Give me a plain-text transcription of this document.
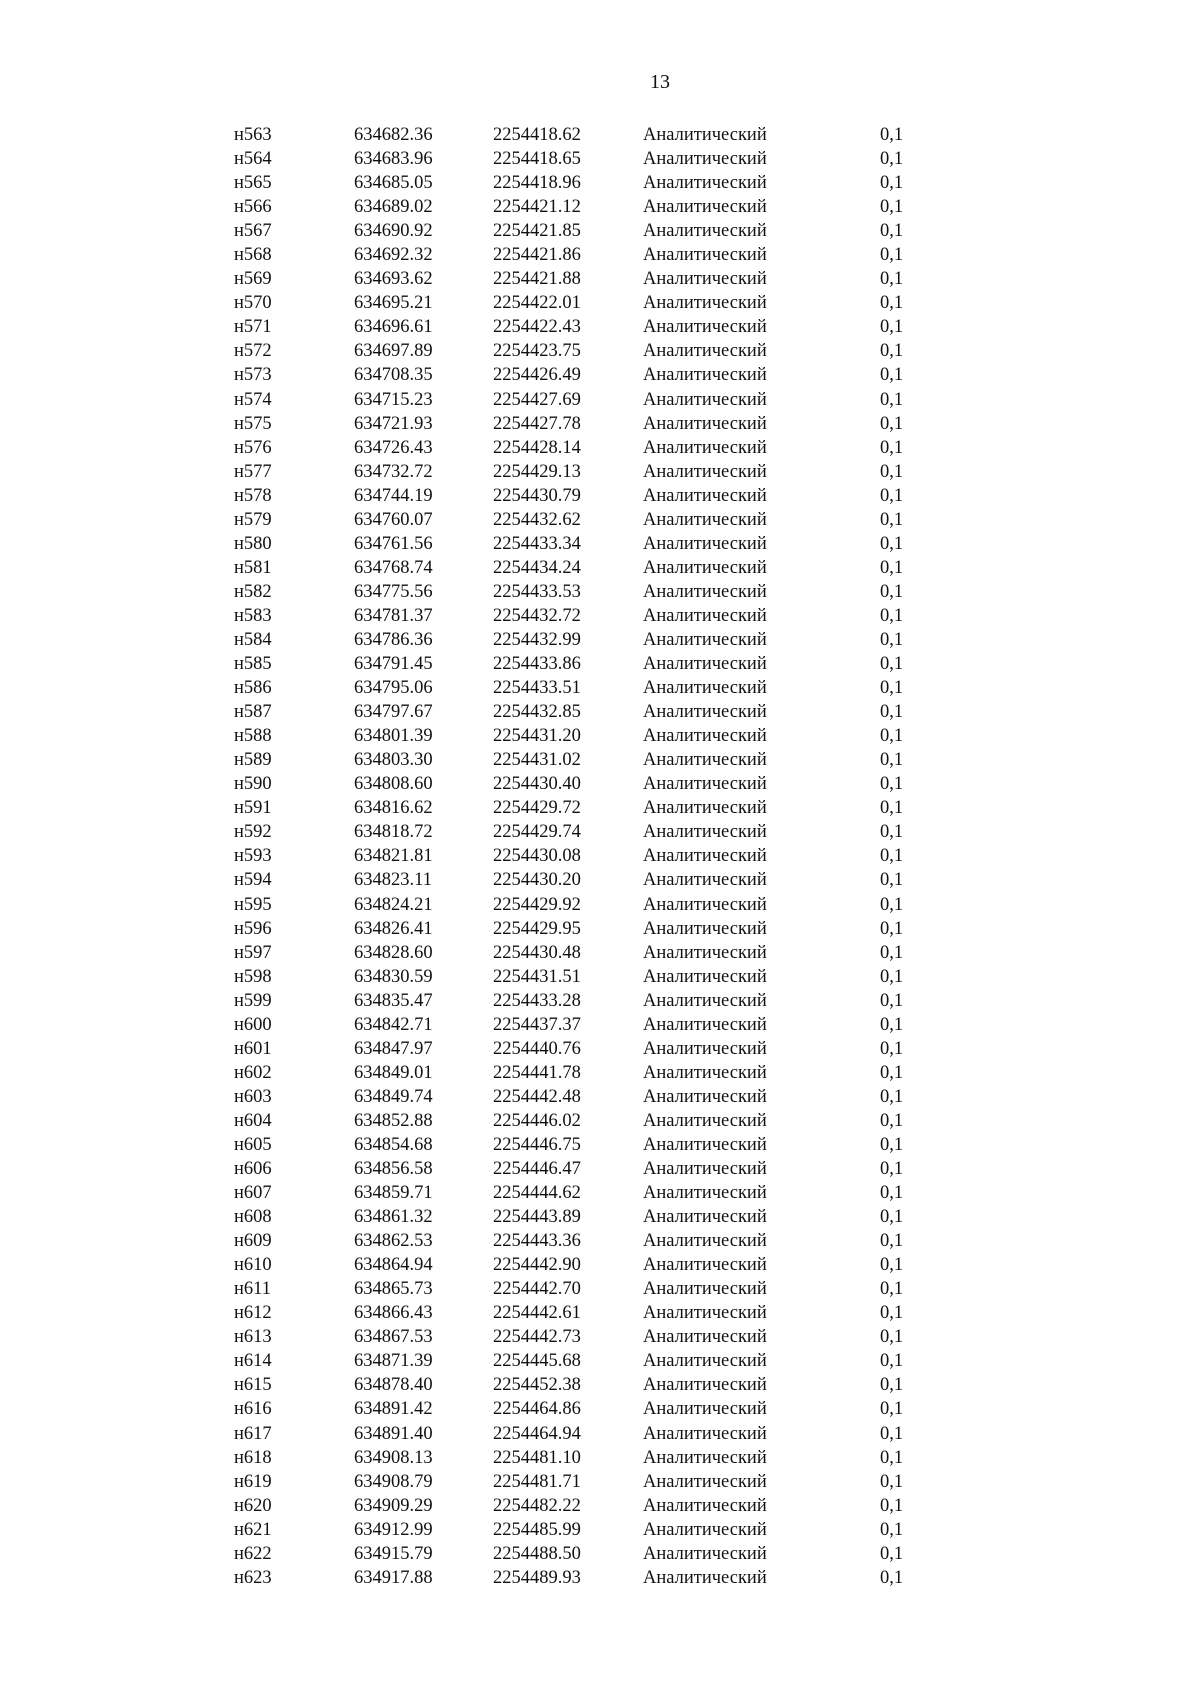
13
н563	634682.36	2254418.62	Аналитический	0,1
н564	634683.96	2254418.65	Аналитический	0,1
н565	634685.05	2254418.96	Аналитический	0,1
н566	634689.02	2254421.12	Аналитический	0,1
н567	634690.92	2254421.85	Аналитический	0,1
н568	634692.32	2254421.86	Аналитический	0,1
н569	634693.62	2254421.88	Аналитический	0,1
н570	634695.21	2254422.01	Аналитический	0,1
н571	634696.61	2254422.43	Аналитический	0,1
н572	634697.89	2254423.75	Аналитический	0,1
н573	634708.35	2254426.49	Аналитический	0,1
н574	634715.23	2254427.69	Аналитический	0,1
н575	634721.93	2254427.78	Аналитический	0,1
н576	634726.43	2254428.14	Аналитический	0,1
н577	634732.72	2254429.13	Аналитический	0,1
н578	634744.19	2254430.79	Аналитический	0,1
н579	634760.07	2254432.62	Аналитический	0,1
н580	634761.56	2254433.34	Аналитический	0,1
н581	634768.74	2254434.24	Аналитический	0,1
н582	634775.56	2254433.53	Аналитический	0,1
н583	634781.37	2254432.72	Аналитический	0,1
н584	634786.36	2254432.99	Аналитический	0,1
н585	634791.45	2254433.86	Аналитический	0,1
н586	634795.06	2254433.51	Аналитический	0,1
н587	634797.67	2254432.85	Аналитический	0,1
н588	634801.39	2254431.20	Аналитический	0,1
н589	634803.30	2254431.02	Аналитический	0,1
н590	634808.60	2254430.40	Аналитический	0,1
н591	634816.62	2254429.72	Аналитический	0,1
н592	634818.72	2254429.74	Аналитический	0,1
н593	634821.81	2254430.08	Аналитический	0,1
н594	634823.11	2254430.20	Аналитический	0,1
н595	634824.21	2254429.92	Аналитический	0,1
н596	634826.41	2254429.95	Аналитический	0,1
н597	634828.60	2254430.48	Аналитический	0,1
н598	634830.59	2254431.51	Аналитический	0,1
н599	634835.47	2254433.28	Аналитический	0,1
н600	634842.71	2254437.37	Аналитический	0,1
н601	634847.97	2254440.76	Аналитический	0,1
н602	634849.01	2254441.78	Аналитический	0,1
н603	634849.74	2254442.48	Аналитический	0,1
н604	634852.88	2254446.02	Аналитический	0,1
н605	634854.68	2254446.75	Аналитический	0,1
н606	634856.58	2254446.47	Аналитический	0,1
н607	634859.71	2254444.62	Аналитический	0,1
н608	634861.32	2254443.89	Аналитический	0,1
н609	634862.53	2254443.36	Аналитический	0,1
н610	634864.94	2254442.90	Аналитический	0,1
н611	634865.73	2254442.70	Аналитический	0,1
н612	634866.43	2254442.61	Аналитический	0,1
н613	634867.53	2254442.73	Аналитический	0,1
н614	634871.39	2254445.68	Аналитический	0,1
н615	634878.40	2254452.38	Аналитический	0,1
н616	634891.42	2254464.86	Аналитический	0,1
н617	634891.40	2254464.94	Аналитический	0,1
н618	634908.13	2254481.10	Аналитический	0,1
н619	634908.79	2254481.71	Аналитический	0,1
н620	634909.29	2254482.22	Аналитический	0,1
н621	634912.99	2254485.99	Аналитический	0,1
н622	634915.79	2254488.50	Аналитический	0,1
н623	634917.88	2254489.93	Аналитический	0,1
